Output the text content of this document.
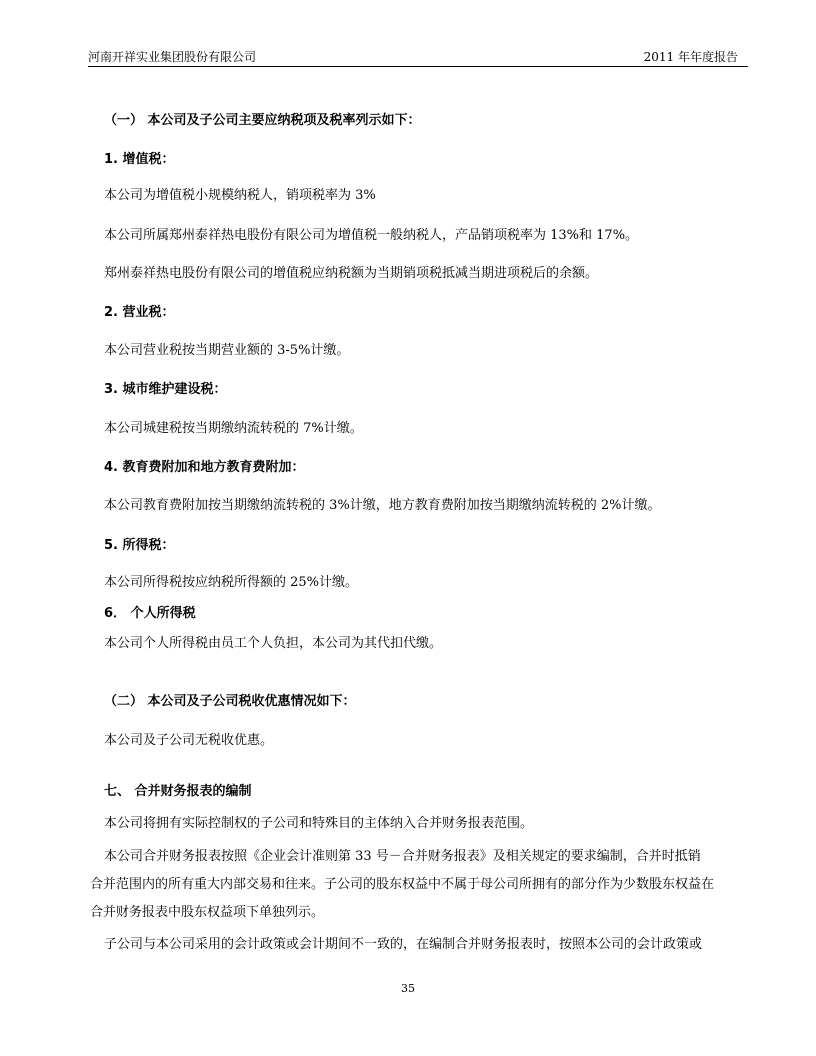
河南开祥实业集团股份有限公司	2011 年年度报告
（一） 本公司及子公司主要应纳税项及税率列示如下：
1. 增值税：
本公司为增值税小规模纳税人，销项税率为 3%
本公司所属郑州泰祥热电股份有限公司为增值税一般纳税人，产品销项税率为 13%和 17%。
郑州泰祥热电股份有限公司的增值税应纳税额为当期销项税抵减当期进项税后的余额。
2. 营业税：
本公司营业税按当期营业额的 3-5%计缴。
3. 城市维护建设税：
本公司城建税按当期缴纳流转税的 7%计缴。
4. 教育费附加和地方教育费附加：
本公司教育费附加按当期缴纳流转税的 3%计缴，地方教育费附加按当期缴纳流转税的 2%计缴。
5. 所得税：
本公司所得税按应纳税所得额的 25%计缴。
6． 个人所得税
本公司个人所得税由员工个人负担，本公司为其代扣代缴。
（二） 本公司及子公司税收优惠情况如下：
本公司及子公司无税收优惠。
七、 合并财务报表的编制
本公司将拥有实际控制权的子公司和特殊目的主体纳入合并财务报表范围。
本公司合并财务报表按照《企业会计准则第 33 号－合并财务报表》及相关规定的要求编制，合并时抵销
合并范围内的所有重大内部交易和往来。子公司的股东权益中不属于母公司所拥有的部分作为少数股东权益在
合并财务报表中股东权益项下单独列示。
子公司与本公司采用的会计政策或会计期间不一致的，在编制合并财务报表时，按照本公司的会计政策或
35
